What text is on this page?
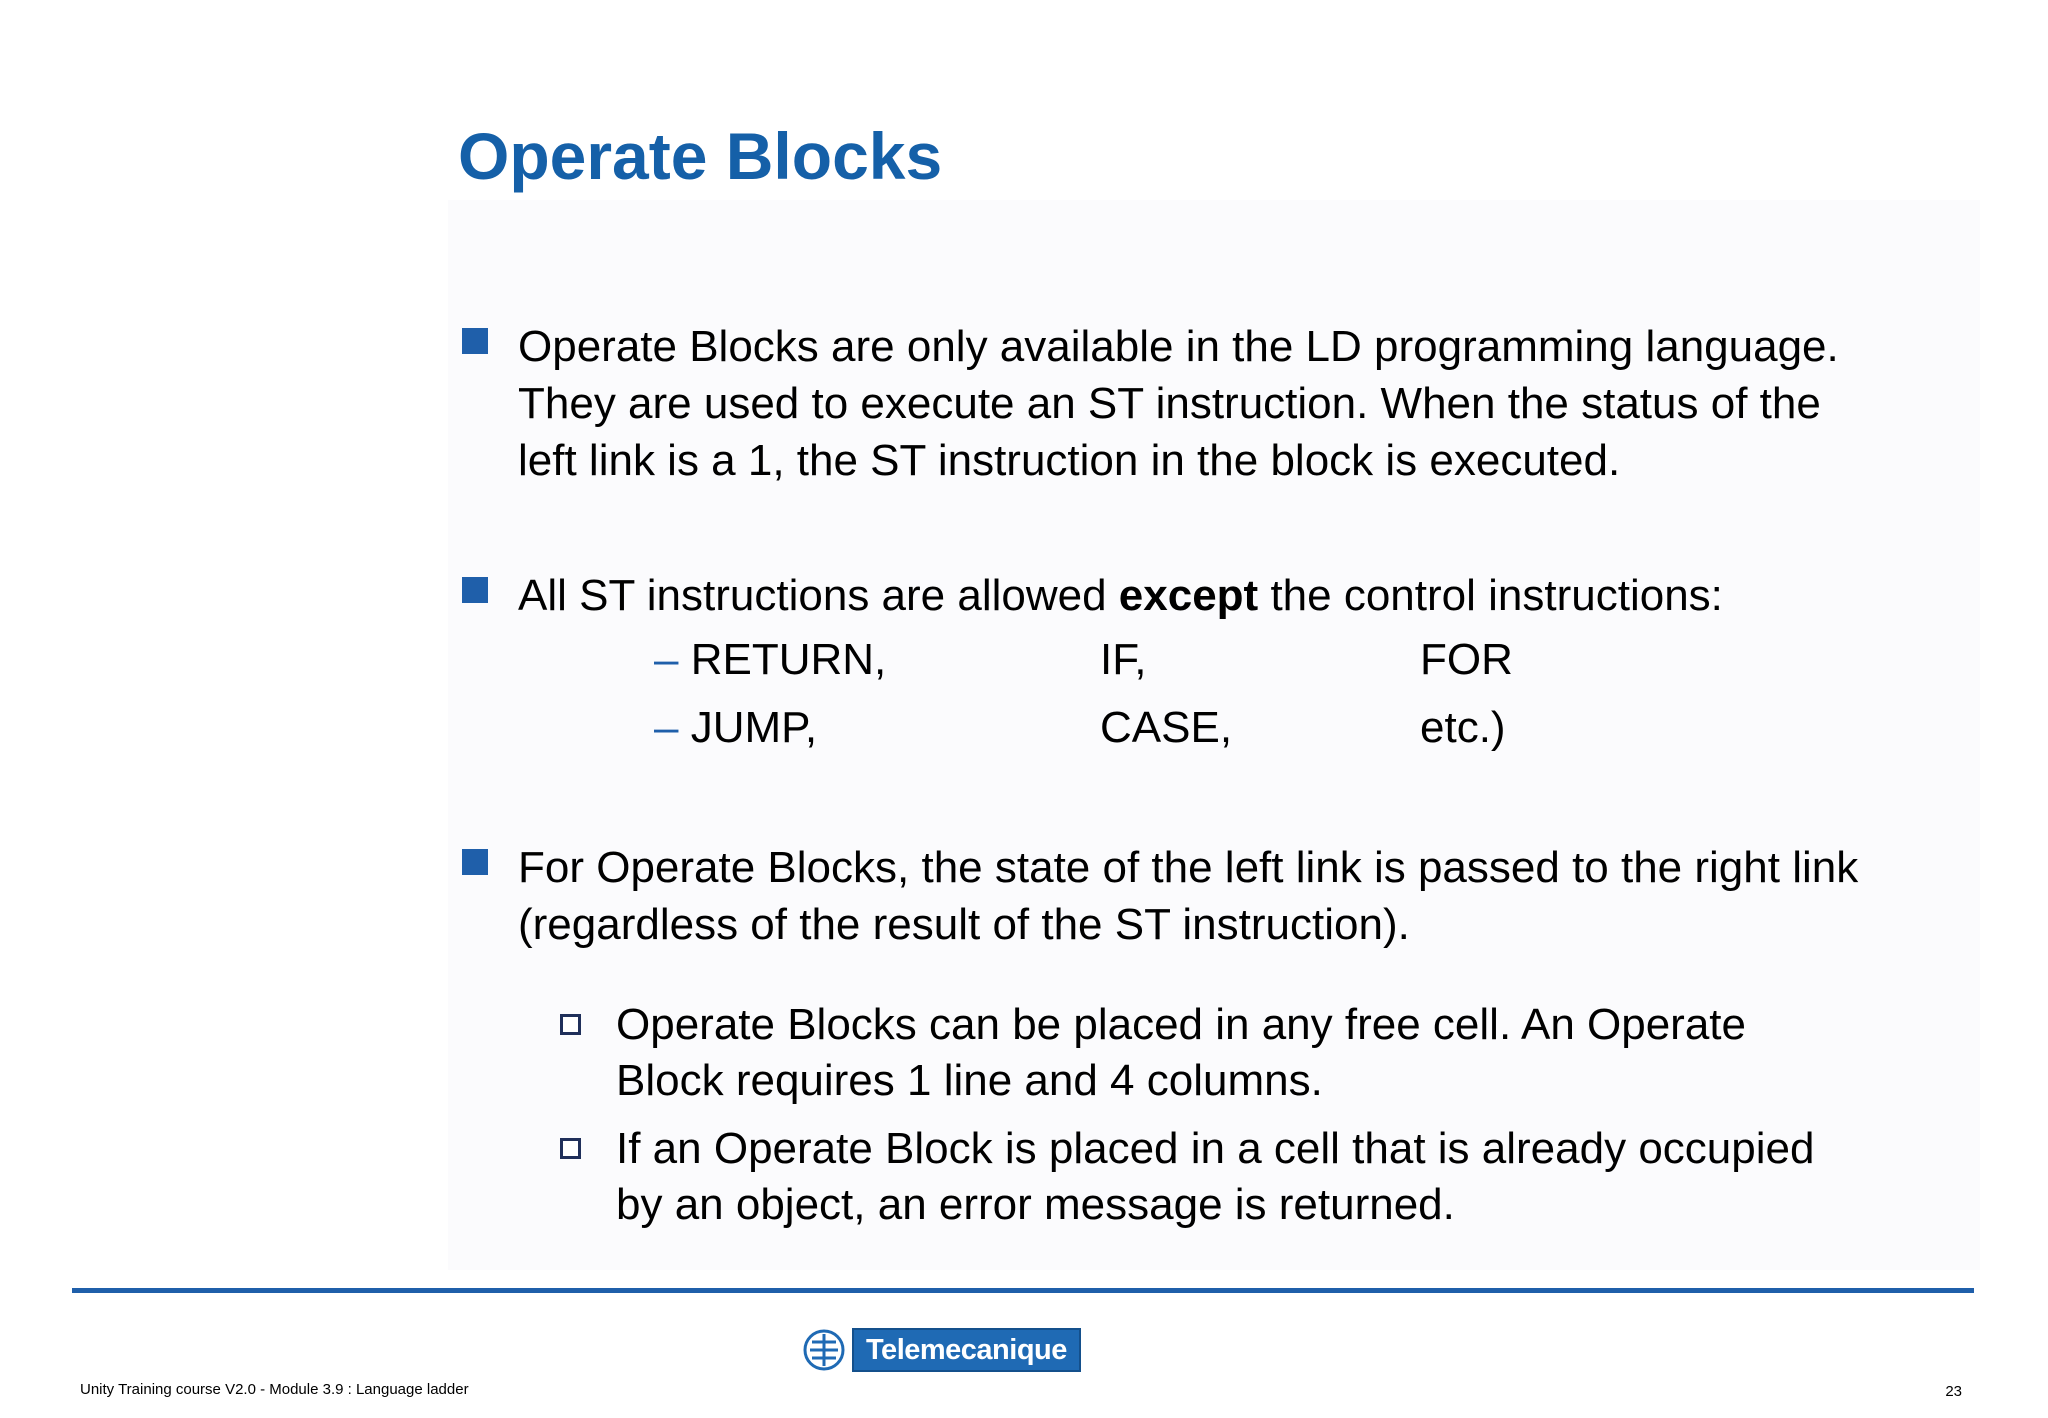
Operate Blocks
Operate Blocks are only available in the LD programming language.
They are used to execute an ST instruction. When the status of the
left link is a 1, the ST instruction in the block is executed.
All ST instructions are allowed except the control instructions:
– RETURN,	IF,	FOR
– JUMP,	CASE,	etc.)
For Operate Blocks, the state of the left link is passed to the right link
(regardless of the result of the ST instruction).
Operate Blocks can be placed in any free cell. An Operate
Block requires 1 line and 4 columns.
If an Operate Block is placed in a cell that is already occupied
by an object, an error message is returned.
Telemecanique
Unity Training course V2.0 - Module 3.9 : Language ladder	23
